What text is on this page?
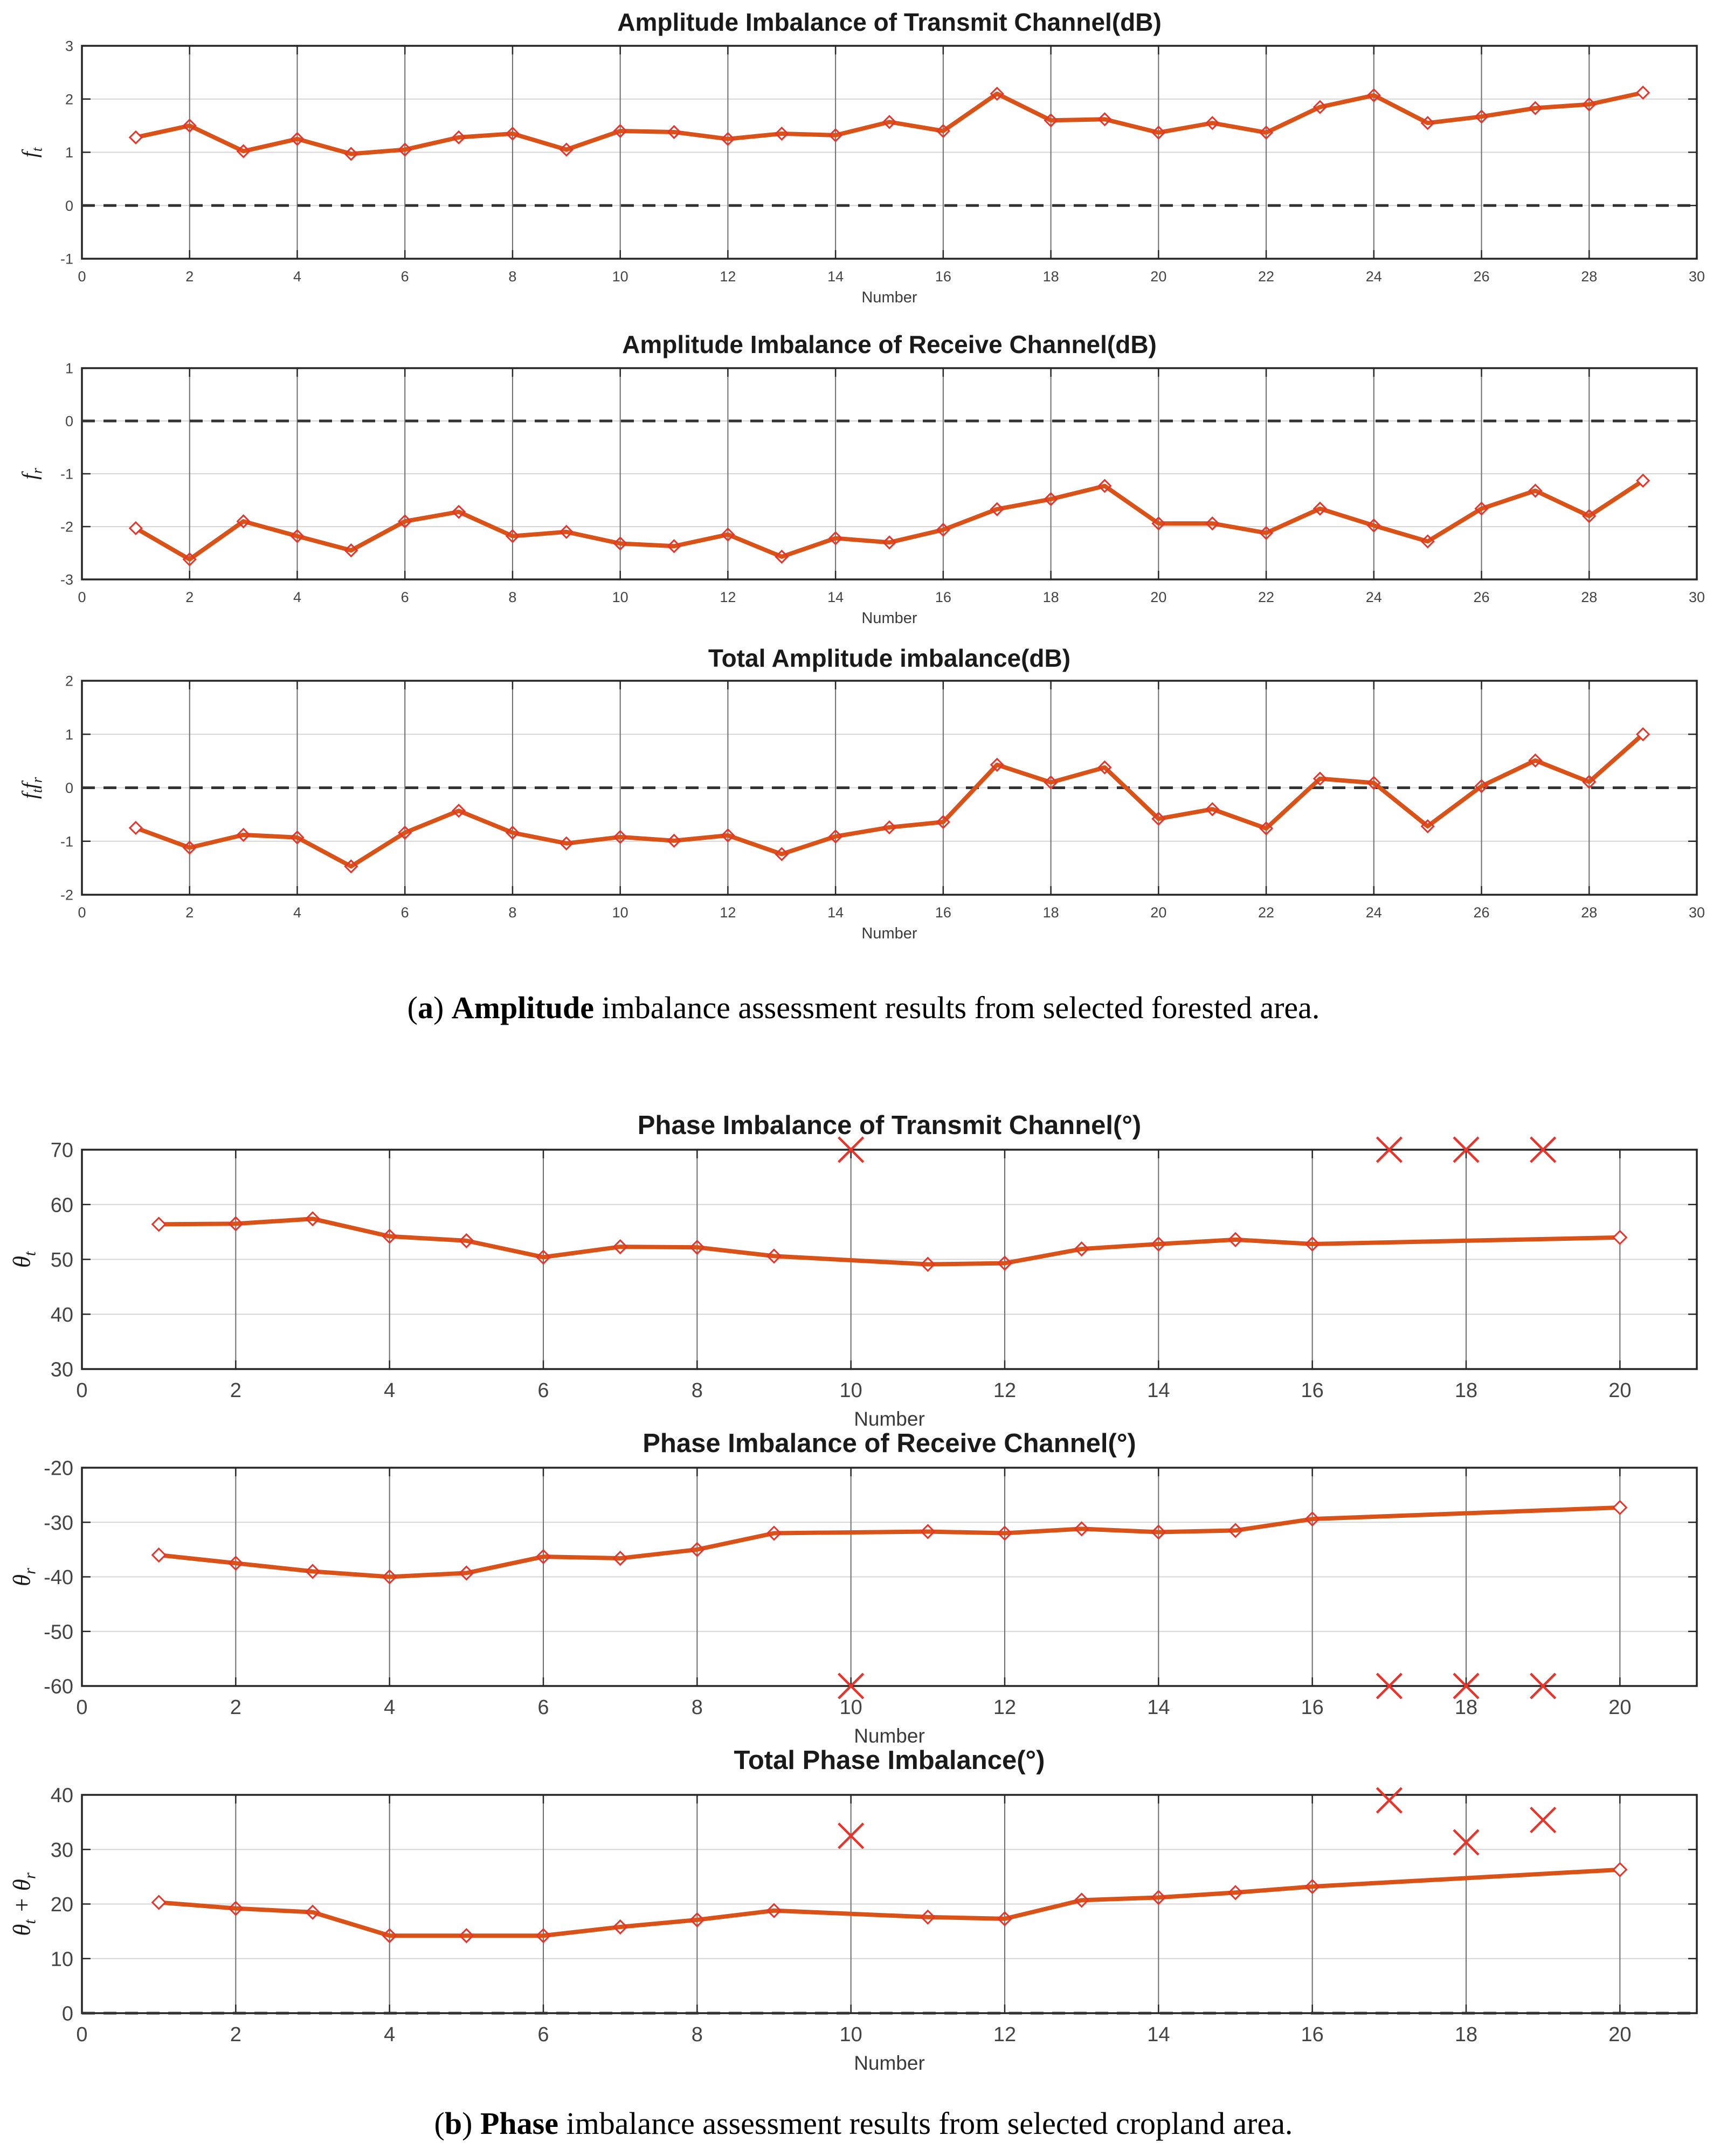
0	2	4	6	8	10	12	14	16	18	20	22	24	26	28	30
-1
0
1
2
3
0	2	4	6	8	10	12	14	16	18	20	22	24	26	28	30
-3
-2
-1
0
1
0	2	4	6	8	10	12	14	16	18	20	22	24	26	28	30
-2
-1
0
1
2
0	2	4	6	8	10	12	14	16	18	20
30
40
50
60
70
0	2	4	6	8	10	12	14	16	18	20
-60
-50
-40
-30
-20
0	2	4	6	8	10	12	14	16	18	20
0
10
20
30
40
Amplitude Imbalance of Transmit Channel(dB)
Amplitude Imbalance of Receive Channel(dB)
Total Amplitude imbalance(dB)
Phase Imbalance of Transmit Channel(°)
Phase Imbalance of Receive Channel(°)
Total Phase Imbalance(°)
Number
Number
Number
Number
Number
Number
$f_t$
$f_r$
$f_tf_r$
$\theta_t$
$\theta_r$
$\theta_t + \theta_r$

(a) Amplitude imbalance assessment results from selected forested area.

(b) Phase imbalance assessment results from selected cropland area.
